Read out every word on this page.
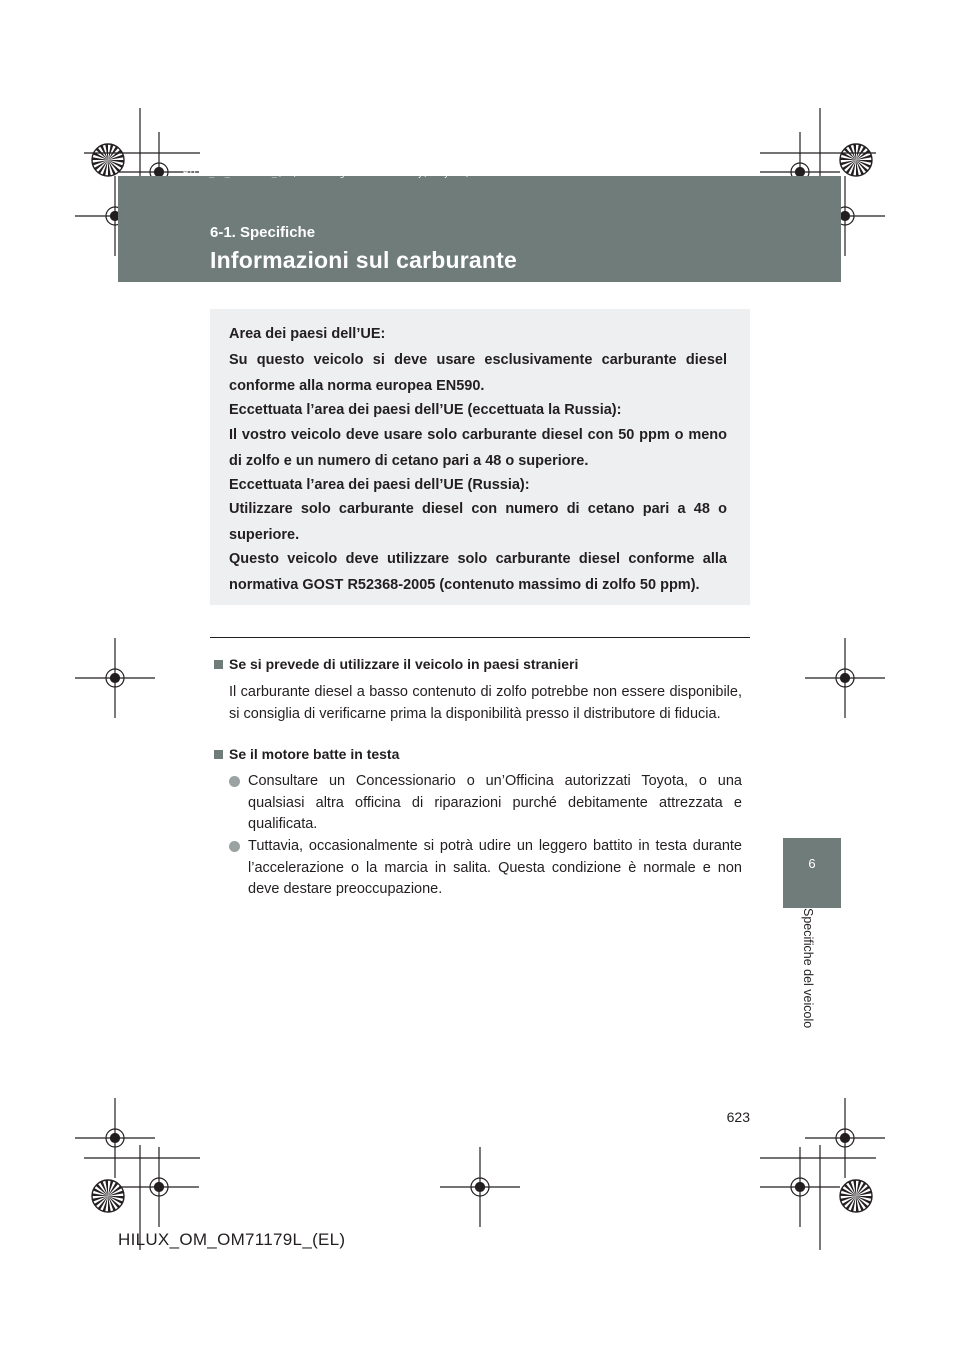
HILUX_OM_OM71179L_(EL).book Page 623 Wednesday, May 16, 2012 11:37 AM
6-1. Specifiche
Informazioni sul carburante

Area dei paesi dell’UE:

Su questo veicolo si deve usare esclusivamente carburante diesel conforme alla norma europea EN590.

Eccettuata l’area dei paesi dell’UE (eccettuata la Russia):

Il vostro veicolo deve usare solo carburante diesel con 50 ppm o meno di zolfo e un numero di cetano pari a 48 o superiore.

Eccettuata l’area dei paesi dell’UE (Russia):

Utilizzare solo carburante diesel con numero di cetano pari a 48 o superiore.

Questo veicolo deve utilizzare solo carburante diesel conforme alla normativa GOST R52368-2005 (contenuto massimo di zolfo 50 ppm).

Se si prevede di utilizzare il veicolo in paesi stranieri

Il carburante diesel a basso contenuto di zolfo potrebbe non essere disponibile, si consiglia di verificarne prima la disponibilità presso il distributore di fiducia.

Se il motore batte in testa

Consultare un Concessionario o un’Officina autorizzati Toyota, o una qualsiasi altra officina di riparazioni purché debitamente attrezzata e qualificata.

Tuttavia, occasionalmente si potrà udire un leggero battito in testa durante l’accelerazione o la marcia in salita. Questa condizione è normale e non deve destare preoccupazione.

6
Specifiche del veicolo
623
HILUX_OM_OM71179L_(EL)
